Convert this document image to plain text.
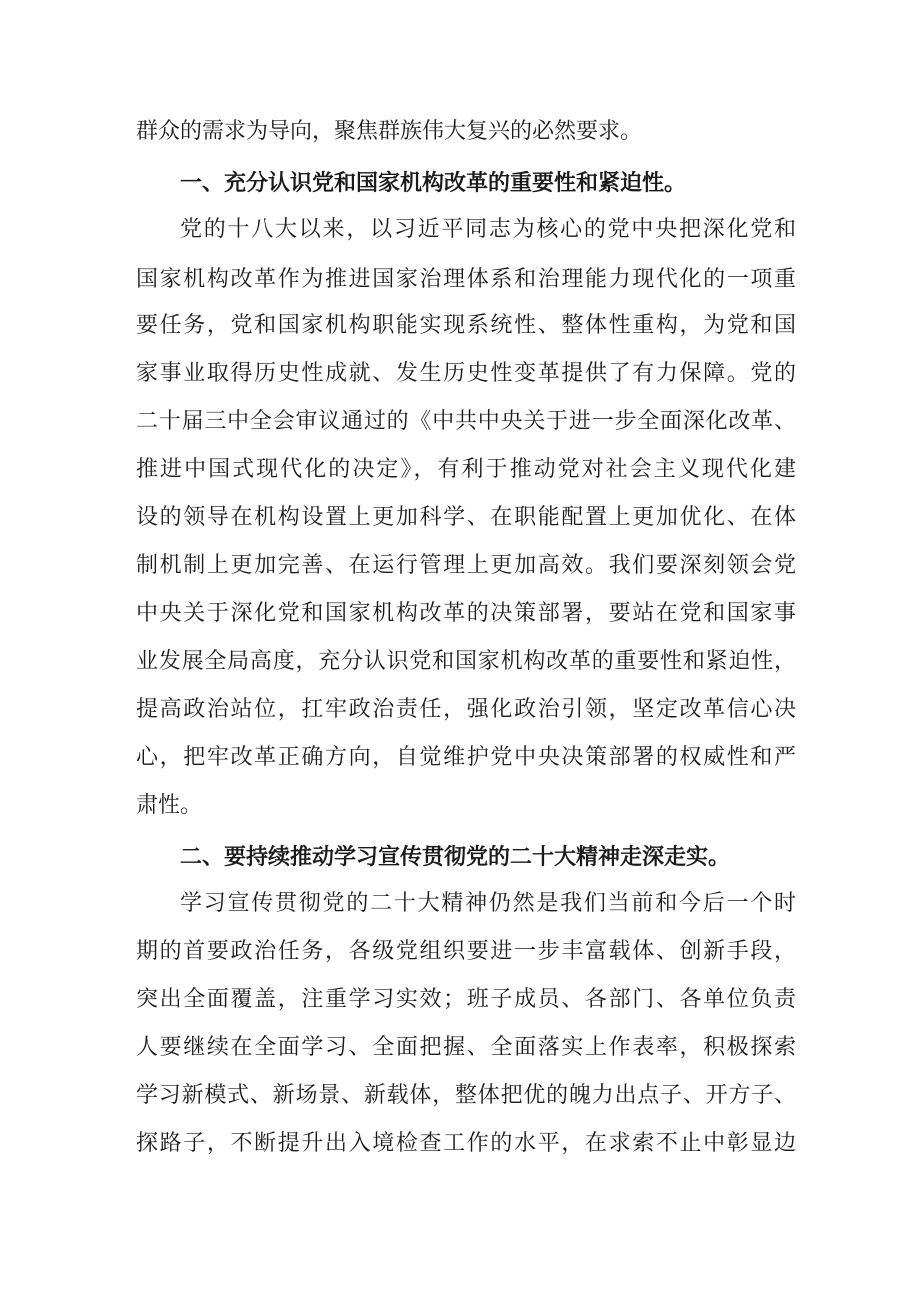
群众的需求为导向，聚焦群族伟大复兴的必然要求。
一、充分认识党和国家机构改革的重要性和紧迫性。
党的十八大以来，以习近平同志为核心的党中央把深化党和
国家机构改革作为推进国家治理体系和治理能力现代化的一项重
要任务，党和国家机构职能实现系统性、整体性重构，为党和国
家事业取得历史性成就、发生历史性变革提供了有力保障。党的
二十届三中全会审议通过的《中共中央关于进一步全面深化改革、
推进中国式现代化的决定》，有利于推动党对社会主义现代化建
设的领导在机构设置上更加科学、在职能配置上更加优化、在体
制机制上更加完善、在运行管理上更加高效。我们要深刻领会党
中央关于深化党和国家机构改革的决策部署，要站在党和国家事
业发展全局高度，充分认识党和国家机构改革的重要性和紧迫性，
提高政治站位，扛牢政治责任，强化政治引领，坚定改革信心决
心，把牢改革正确方向，自觉维护党中央决策部署的权威性和严
肃性。
二、要持续推动学习宣传贯彻党的二十大精神走深走实。
学习宣传贯彻党的二十大精神仍然是我们当前和今后一个时
期的首要政治任务，各级党组织要进一步丰富载体、创新手段，
突出全面覆盖，注重学习实效；班子成员、各部门、各单位负责
人要继续在全面学习、全面把握、全面落实上作表率，积极探索
学习新模式、新场景、新载体，整体把优的魄力出点子、开方子、
探路子，不断提升出入境检查工作的水平，在求索不止中彰显边
